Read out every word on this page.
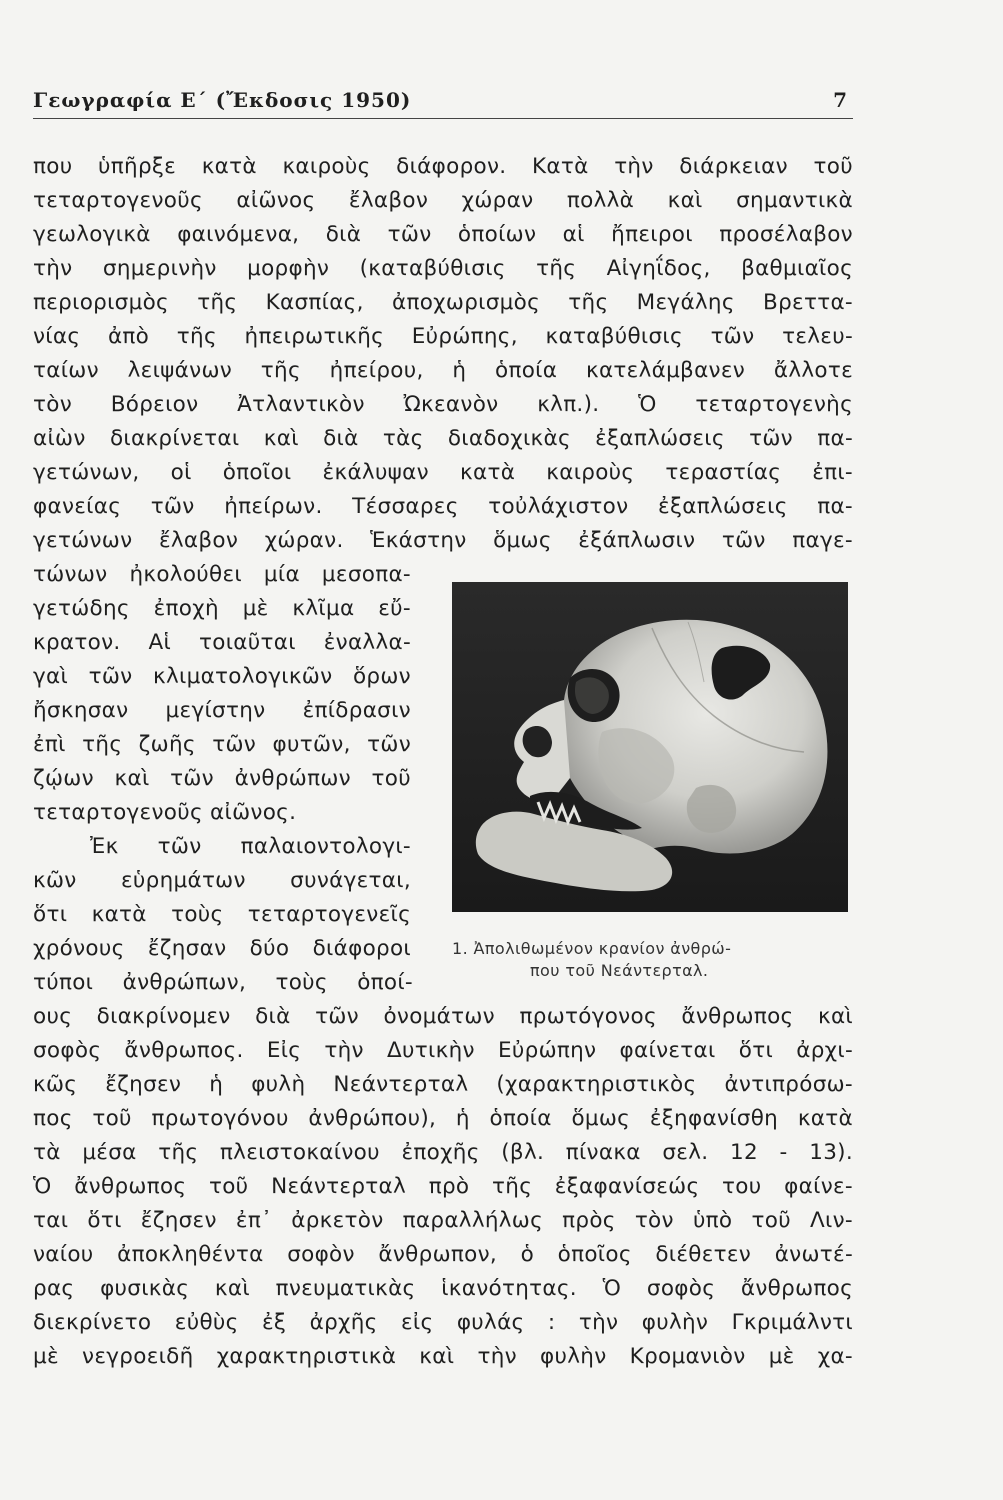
Γεωγραφία Ε΄ (Ἔκδοσις 1950)	7
που ὑπῆρξε κατὰ καιροὺς διάφορον. Κατὰ τὴν διάρκειαν τοῦ
τεταρτογενοῦς αἰῶνος ἔλαβον χώραν πολλὰ καὶ σημαντικὰ
γεωλογικὰ φαινόμενα, διὰ τῶν ὁποίων αἱ ἤπειροι προσέλαβον
τὴν σημερινὴν μορφὴν (καταβύθισις τῆς Αἰγηΐδος, βαθμιαῖος
περιορισμὸς τῆς Κασπίας, ἀποχωρισμὸς τῆς Μεγάλης Βρεττα-
νίας ἀπὸ τῆς ἠπειρωτικῆς Εὐρώπης, καταβύθισις τῶν τελευ-
ταίων λειψάνων τῆς ἠπείρου, ἡ ὁποία κατελάμβανεν ἄλλοτε
τὸν Βόρειον Ἀτλαντικὸν Ὠκεανὸν κλπ.). Ὁ τεταρτογενὴς
αἰὼν διακρίνεται καὶ διὰ τὰς διαδοχικὰς ἐξαπλώσεις τῶν πα-
γετώνων, οἱ ὁποῖοι ἐκάλυψαν κατὰ καιροὺς τεραστίας ἐπι-
φανείας τῶν ἠπείρων. Τέσσαρες τοὐλάχιστον ἐξαπλώσεις πα-
γετώνων ἔλαβον χώραν. Ἑκάστην ὅμως ἐξάπλωσιν τῶν παγε-
τώνων ἠκολούθει μία μεσοπα-
γετώδης ἐποχὴ μὲ κλῖμα εὔ-
κρατον. Αἱ τοιαῦται ἐναλλα-
γαὶ τῶν κλιματολογικῶν ὅρων
ἤσκησαν μεγίστην ἐπίδρασιν
ἐπὶ τῆς ζωῆς τῶν φυτῶν, τῶν
ζῴων καὶ τῶν ἀνθρώπων τοῦ
τεταρτογενοῦς αἰῶνος.
Ἐκ τῶν παλαιοντολογι-
κῶν εὑρημάτων συνάγεται,
ὅτι κατὰ τοὺς τεταρτογενεῖς
χρόνους ἔζησαν δύο διάφοροι
τύποι ἀνθρώπων, τοὺς ὁποί-
1. Ἀπολιθωμένον κρανίον ἀνθρώ-
που τοῦ Νεάντερταλ.
ους διακρίνομεν διὰ τῶν ὀνομάτων πρωτόγονος ἄνθρωπος καὶ
σοφὸς ἄνθρωπος. Εἰς τὴν Δυτικὴν Εὐρώπην φαίνεται ὅτι ἀρχι-
κῶς ἔζησεν ἡ φυλὴ Νεάντερταλ (χαρακτηριστικὸς ἀντιπρόσω-
πος τοῦ πρωτογόνου ἀνθρώπου), ἡ ὁποία ὅμως ἐξηφανίσθη κατὰ
τὰ μέσα τῆς πλειστοκαίνου ἐποχῆς (βλ. πίνακα σελ. 12 - 13).
Ὁ ἄνθρωπος τοῦ Νεάντερταλ πρὸ τῆς ἐξαφανίσεώς του φαίνε-
ται ὅτι ἔζησεν ἐπ᾿ ἀρκετὸν παραλλήλως πρὸς τὸν ὑπὸ τοῦ Λιν-
ναίου ἀποκληθέντα σοφὸν ἄνθρωπον, ὁ ὁποῖος διέθετεν ἀνωτέ-
ρας φυσικὰς καὶ πνευματικὰς ἱκανότητας. Ὁ σοφὸς ἄνθρωπος
διεκρίνετο εὐθὺς ἐξ ἀρχῆς εἰς φυλάς : τὴν φυλὴν Γκριμάλντι
μὲ νεγροειδῆ χαρακτηριστικὰ καὶ τὴν φυλὴν Κρομανιὸν μὲ χα-
